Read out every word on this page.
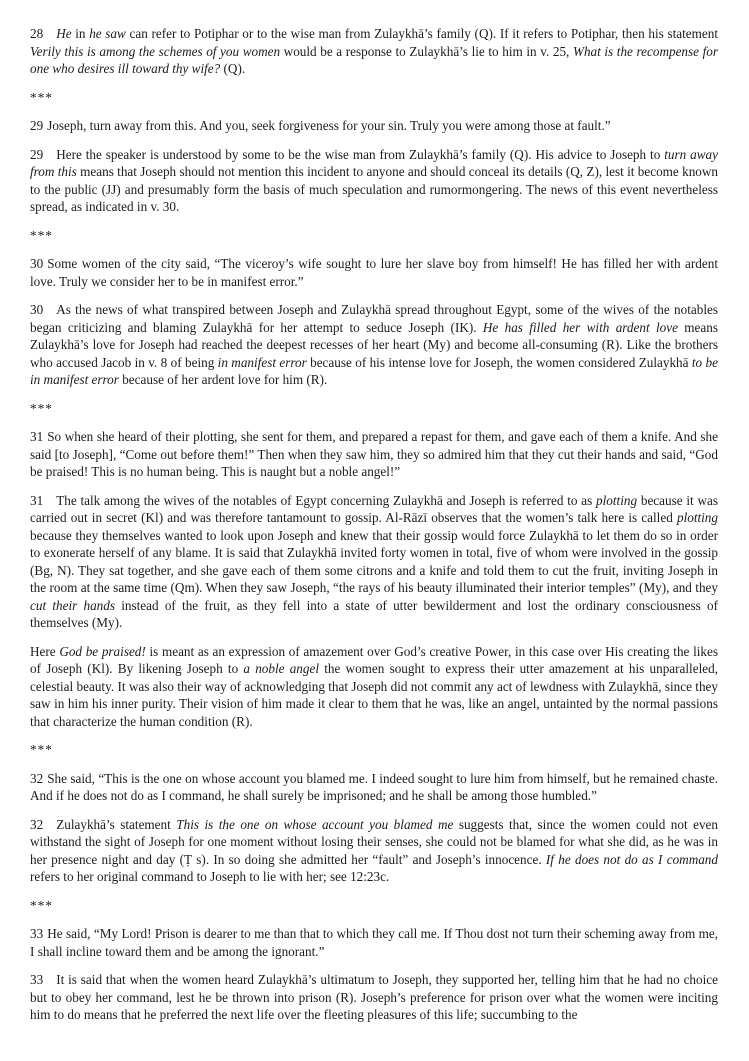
28 He in he saw can refer to Potiphar or to the wise man from Zulaykhā’s family (Q). If it refers to Potiphar, then his statement Verily this is among the schemes of you women would be a response to Zulaykhā’s lie to him in v. 25, What is the recompense for one who desires ill toward thy wife? (Q).

***

29 Joseph, turn away from this. And you, seek forgiveness for your sin. Truly you were among those at fault.”

29 Here the speaker is understood by some to be the wise man from Zulaykhā’s family (Q). His advice to Joseph to turn away from this means that Joseph should not mention this incident to anyone and should conceal its details (Q, Z), lest it become known to the public (JJ) and presumably form the basis of much speculation and rumormongering. The news of this event nevertheless spread, as indicated in v. 30.

***

30 Some women of the city said, “The viceroy’s wife sought to lure her slave boy from himself! He has filled her with ardent love. Truly we consider her to be in manifest error.”

30 As the news of what transpired between Joseph and Zulaykhā spread throughout Egypt, some of the wives of the notables began criticizing and blaming Zulaykhā for her attempt to seduce Joseph (IK). He has filled her with ardent love means Zulaykhā’s love for Joseph had reached the deepest recesses of her heart (My) and become all-consuming (R). Like the brothers who accused Jacob in v. 8 of being in manifest error because of his intense love for Joseph, the women considered Zulaykhā to be in manifest error because of her ardent love for him (R).

***

31 So when she heard of their plotting, she sent for them, and prepared a repast for them, and gave each of them a knife. And she said [to Joseph], “Come out before them!” Then when they saw him, they so admired him that they cut their hands and said, “God be praised! This is no human being. This is naught but a noble angel!”

31 The talk among the wives of the notables of Egypt concerning Zulaykhā and Joseph is referred to as plotting because it was carried out in secret (Kl) and was therefore tantamount to gossip. Al-Rāzī observes that the women’s talk here is called plotting because they themselves wanted to look upon Joseph and knew that their gossip would force Zulaykhā to let them do so in order to exonerate herself of any blame. It is said that Zulaykhā invited forty women in total, five of whom were involved in the gossip (Bg, N). They sat together, and she gave each of them some citrons and a knife and told them to cut the fruit, inviting Joseph in the room at the same time (Qm). When they saw Joseph, “the rays of his beauty illuminated their interior temples” (My), and they cut their hands instead of the fruit, as they fell into a state of utter bewilderment and lost the ordinary consciousness of themselves (My).

Here God be praised! is meant as an expression of amazement over God’s creative Power, in this case over His creating the likes of Joseph (Kl). By likening Joseph to a noble angel the women sought to express their utter amazement at his unparalleled, celestial beauty. It was also their way of acknowledging that Joseph did not commit any act of lewdness with Zulaykhā, since they saw in him his inner purity. Their vision of him made it clear to them that he was, like an angel, untainted by the normal passions that characterize the human condition (R).

***

32 She said, “This is the one on whose account you blamed me. I indeed sought to lure him from himself, but he remained chaste. And if he does not do as I command, he shall surely be imprisoned; and he shall be among those humbled.”

32 Zulaykhā’s statement This is the one on whose account you blamed me suggests that, since the women could not even withstand the sight of Joseph for one moment without losing their senses, she could not be blamed for what she did, as he was in her presence night and day (Ṭ s). In so doing she admitted her “fault” and Joseph’s innocence. If he does not do as I command refers to her original command to Joseph to lie with her; see 12:23c.

***

33 He said, “My Lord! Prison is dearer to me than that to which they call me. If Thou dost not turn their scheming away from me, I shall incline toward them and be among the ignorant.”

33 It is said that when the women heard Zulaykhā’s ultimatum to Joseph, they supported her, telling him that he had no choice but to obey her command, lest he be thrown into prison (R). Joseph’s preference for prison over what the women were inciting him to do means that he preferred the next life over the fleeting pleasures of this life; succumbing to the
